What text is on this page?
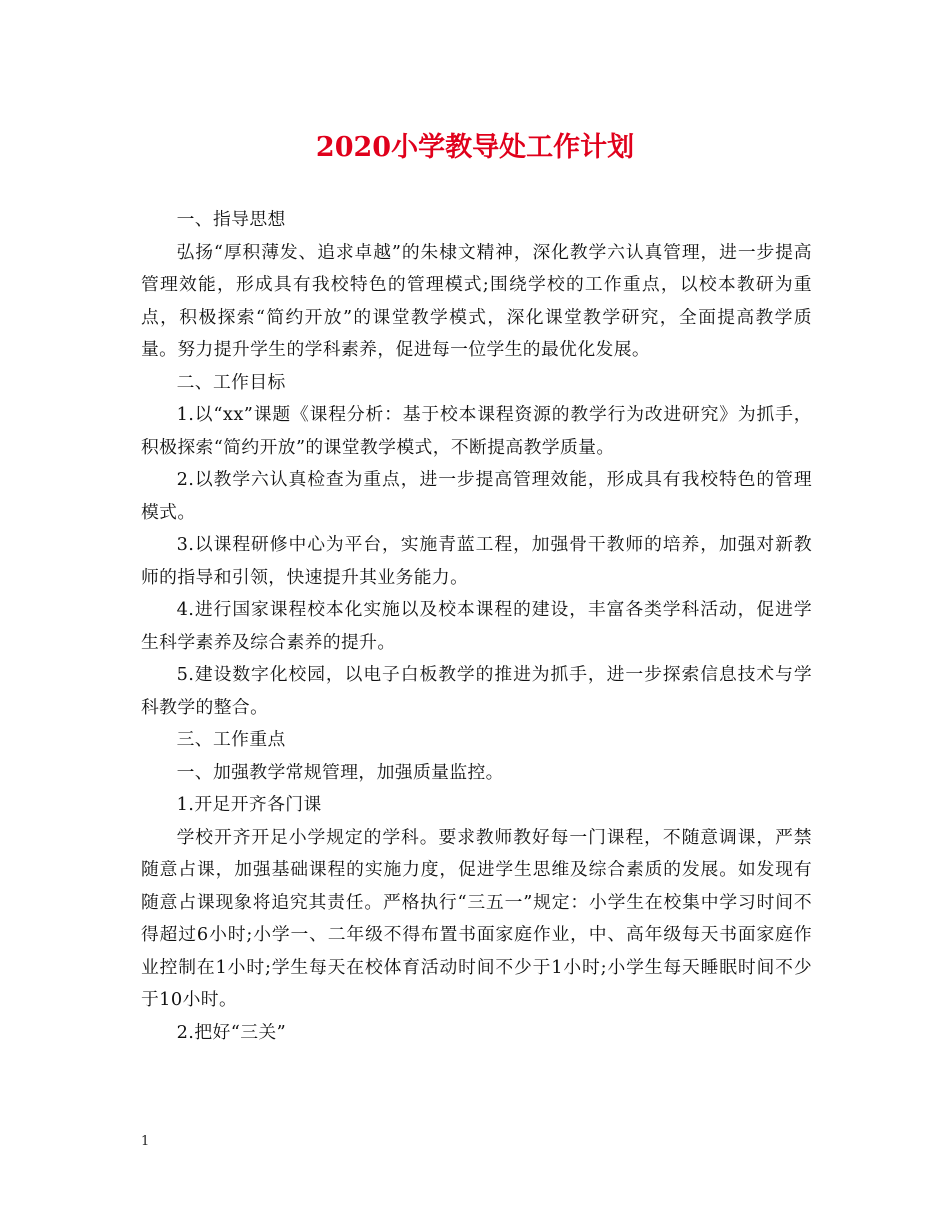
2020小学教导处工作计划

一、指导思想

弘扬“厚积薄发、追求卓越”的朱棣文精神，深化教学六认真管理，进一步提高管理效能，形成具有我校特色的管理模式;围绕学校的工作重点，以校本教研为重点，积极探索“简约开放”的课堂教学模式，深化课堂教学研究，全面提高教学质量。努力提升学生的学科素养，促进每一位学生的最优化发展。

二、工作目标

1.以“xx”课题《课程分析：基于校本课程资源的教学行为改进研究》为抓手，积极探索“简约开放”的课堂教学模式，不断提高教学质量。

2.以教学六认真检查为重点，进一步提高管理效能，形成具有我校特色的管理模式。

3.以课程研修中心为平台，实施青蓝工程，加强骨干教师的培养，加强对新教师的指导和引领，快速提升其业务能力。

4.进行国家课程校本化实施以及校本课程的建设，丰富各类学科活动，促进学生科学素养及综合素养的提升。

5.建设数字化校园，以电子白板教学的推进为抓手，进一步探索信息技术与学科教学的整合。

三、工作重点

一、加强教学常规管理，加强质量监控。

1.开足开齐各门课

学校开齐开足小学规定的学科。要求教师教好每一门课程，不随意调课，严禁随意占课，加强基础课程的实施力度，促进学生思维及综合素质的发展。如发现有随意占课现象将追究其责任。严格执行“三五一”规定：小学生在校集中学习时间不得超过6小时;小学一、二年级不得布置书面家庭作业，中、高年级每天书面家庭作业控制在1小时;学生每天在校体育活动时间不少于1小时;小学生每天睡眠时间不少于10小时。

2.把好“三关”

1
